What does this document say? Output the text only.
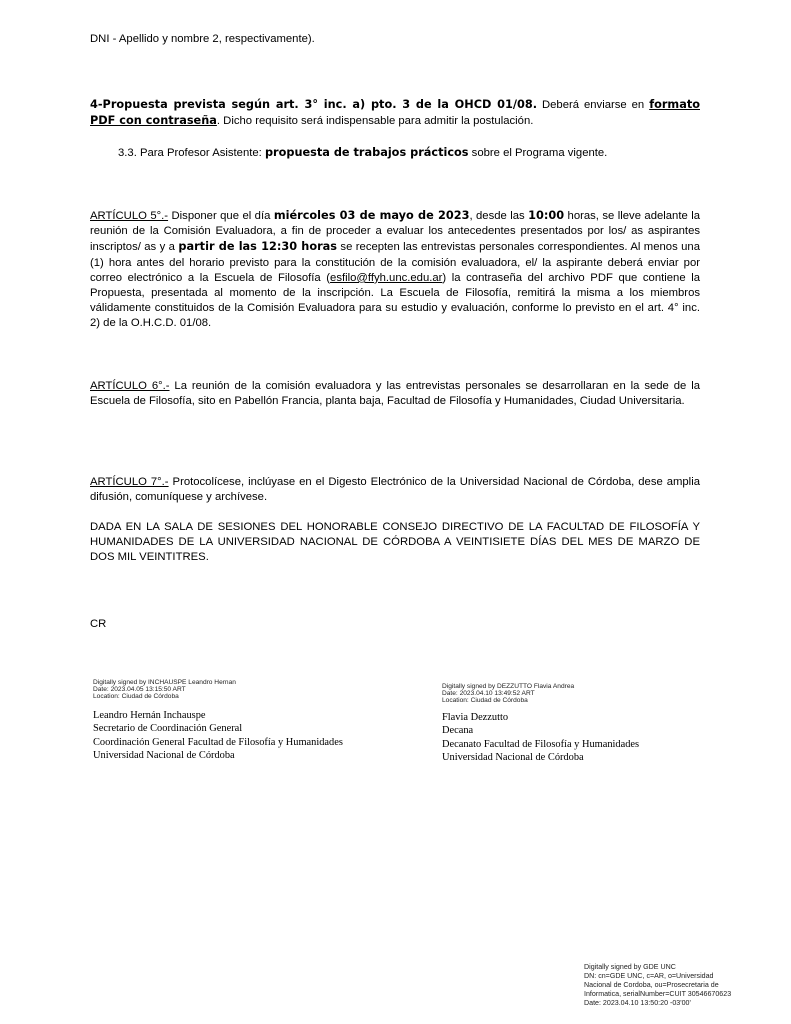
DNI - Apellido y nombre 2, respectivamente).

4-Propuesta prevista según art. 3° inc. a) pto. 3 de la OHCD 01/08. Deberá enviarse en formato PDF con contraseña. Dicho requisito será indispensable para admitir la postulación.

3.3. Para Profesor Asistente: propuesta de trabajos prácticos sobre el Programa vigente.

ARTÍCULO 5°.- Disponer que el día miércoles 03 de mayo de 2023, desde las 10:00 horas, se lleve adelante la reunión de la Comisión Evaluadora, a fin de proceder a evaluar los antecedentes presentados por los/ as aspirantes inscriptos/ as y a partir de las 12:30 horas se recepten las entrevistas personales correspondientes. Al menos una (1) hora antes del horario previsto para la constitución de la comisión evaluadora, el/ la aspirante deberá enviar por correo electrónico a la Escuela de Filosofía (esfilo@ffyh.unc.edu.ar) la contraseña del archivo PDF que contiene la Propuesta, presentada al momento de la inscripción. La Escuela de Filosofía, remitirá la misma a los miembros válidamente constituidos de la Comisión Evaluadora para su estudio y evaluación, conforme lo previsto en el art. 4° inc. 2) de la O.H.C.D. 01/08.

ARTÍCULO 6°.- La reunión de la comisión evaluadora y las entrevistas personales se desarrollaran en la sede de la Escuela de Filosofía, sito en Pabellón Francia, planta baja, Facultad de Filosofía y Humanidades, Ciudad Universitaria.

ARTÍCULO 7°.- Protocolícese, inclúyase en el Digesto Electrónico de la Universidad Nacional de Córdoba, dese amplia difusión, comuníquese y archívese.

DADA EN LA SALA DE SESIONES DEL HONORABLE CONSEJO DIRECTIVO DE LA FACULTAD DE FILOSOFÍA Y HUMANIDADES DE LA UNIVERSIDAD NACIONAL DE CÓRDOBA A VEINTISIETE DÍAS DEL MES DE MARZO DE DOS MIL VEINTITRES.

CR

Digitally signed by INCHAUSPE Leandro Hernan
Date: 2023.04.05 13:15:50 ART
Location: Ciudad de Córdoba
Leandro Hernán Inchauspe
Secretario de Coordinación General
Coordinación General Facultad de Filosofía y Humanidades
Universidad Nacional de Córdoba
Digitally signed by DEZZUTTO Flavia Andrea
Date: 2023.04.10 13:49:52 ART
Location: Ciudad de Córdoba
Flavia Dezzutto
Decana
Decanato Facultad de Filosofía y Humanidades
Universidad Nacional de Córdoba
Digitally signed by GDE UNC
DN: cn=GDE UNC, c=AR, o=Universidad
Nacional de Cordoba, ou=Prosecretaria de
Informatica, serialNumber=CUIT 30546670623
Date: 2023.04.10 13:50:20 -03'00'
